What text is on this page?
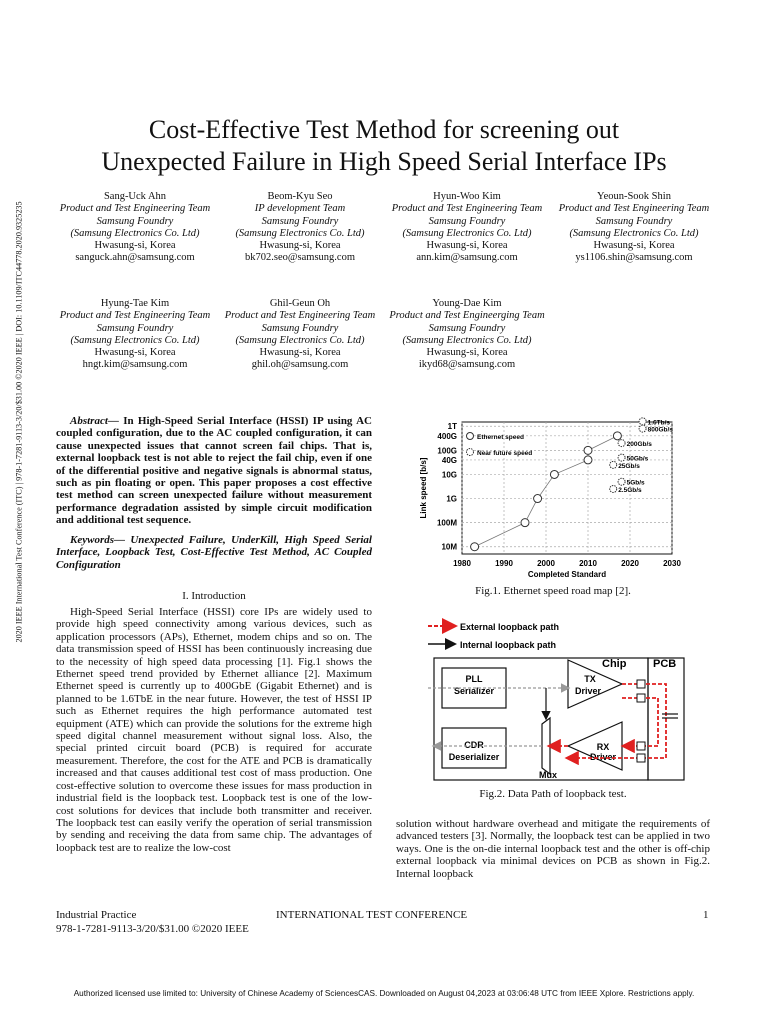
2020 IEEE International Test Conference (ITC) | 978-1-7281-9113-3/20/$31.00 ©2020 IEEE | DOI: 10.1109/ITC44778.2020.9325235
Cost-Effective Test Method for screening out
Unexpected Failure in High Speed Serial Interface IPs
Sang-Uck Ahn
Product and Test Engineering Team
Samsung Foundry
(Samsung Electronics Co. Ltd)
Hwasung-si, Korea
sanguck.ahn@samsung.com
Beom-Kyu Seo
IP development Team
Samsung Foundry
(Samsung Electronics Co. Ltd)
Hwasung-si, Korea
bk702.seo@samsung.com
Hyun-Woo Kim
Product and Test Engineering Team
Samsung Foundry
(Samsung Electronics Co. Ltd)
Hwasung-si, Korea
ann.kim@samsung.com
Yeoun-Sook Shin
Product and Test Engineering Team
Samsung Foundry
(Samsung Electronics Co. Ltd)
Hwasung-si, Korea
ys1106.shin@samsung.com
Hyung-Tae Kim
Product and Test Engineering Team
Samsung Foundry
(Samsung Electronics Co. Ltd)
Hwasung-si, Korea
hngt.kim@samsung.com
Ghil-Geun Oh
Product and Test Engineering Team
Samsung Foundry
(Samsung Electronics Co. Ltd)
Hwasung-si, Korea
ghil.oh@samsung.com
Young-Dae Kim
Product and Test Engineerging Team
Samsung Foundry
(Samsung Electronics Co. Ltd)
Hwasung-si, Korea
ikyd68@samsung.com
Abstract— In High-Speed Serial Interface (HSSI) IP using AC coupled configuration, due to the AC coupled configuration, it can cause unexpected issues that cannot screen fail chips. That is, external loopback test is not able to reject the fail chip, even if one of the differential positive and negative signals is abnormal status, such as pin floating or open. This paper proposes a cost effective test method can screen unexpected failure without measurement performance degradation assisted by simple circuit modification and additional test sequence.
Keywords— Unexpected Failure, UnderKill, High Speed Serial Interface, Loopback Test, Cost-Effective Test Method, AC Coupled Configuration
I. Introduction

High-Speed Serial Interface (HSSI) core IPs are widely used to provide high speed connectivity among various devices, such as application processors (APs), Ethernet, modem chips and so on. The data transmission speed of HSSI has been continuously increasing due to the necessity of high speed data processing [1]. Fig.1 shows the Ethernet speed trend provided by Ethernet alliance [2]. Maximum Ethernet speed is currently up to 400GbE (Gigabit Ethernet) and is planned to be 1.6TbE in the near future. However, the test of HSSI IP such as Ethernet requires the high performance automated test equipment (ATE) which can provide the solutions for the extreme high speed digital channel measurement without signal loss. Also, the special printed circuit board (PCB) is required for accurate measurement. Therefore, the cost for the ATE and PCB is dramatically increased and that causes additional test cost of mass production. One cost-effective solution to overcome these issues for mass production in industrial field is the loopback test. Loopback test is one of the low-cost solutions for devices that include both transmitter and receiver. The loopback test can easily verify the operation of serial transmission by sending and receiving the data from same chip. The advantages of loopback test are to realize the low-cost

10M
100M
1G
10G
40G
100G
400G
1T
1980	1990	2000	2010	2020	2030
Completed Standard
Link speed [b/s]
1.6Tb/s
800Gb/s
200Gb/s
50Gb/s
25Gb/s
5Gb/s
2.5Gb/s
Ethernet speed
Near future speed
Fig.1. Ethernet speed road map [2].
External loopback path
Internal loopback path
Chip PCB
PLL
Serializer
CDR
Deserializer
TX
Driver
RX
Driver
Mux
Fig.2. Data Path of loopback test.
solution without hardware overhead and mitigate the requirements of advanced testers [3]. Normally, the loopback test can be applied in two ways. One is the on-die internal loopback test and the other is off-chip external loopback via minimal devices on PCB as shown in Fig.2. Internal loopback
Industrial Practice	INTERNATIONAL TEST CONFERENCE	1
978-1-7281-9113-3/20/$31.00 ©2020 IEEE
Authorized licensed use limited to: University of Chinese Academy of SciencesCAS. Downloaded on August 04,2023 at 03:06:48 UTC from IEEE Xplore. Restrictions apply.
